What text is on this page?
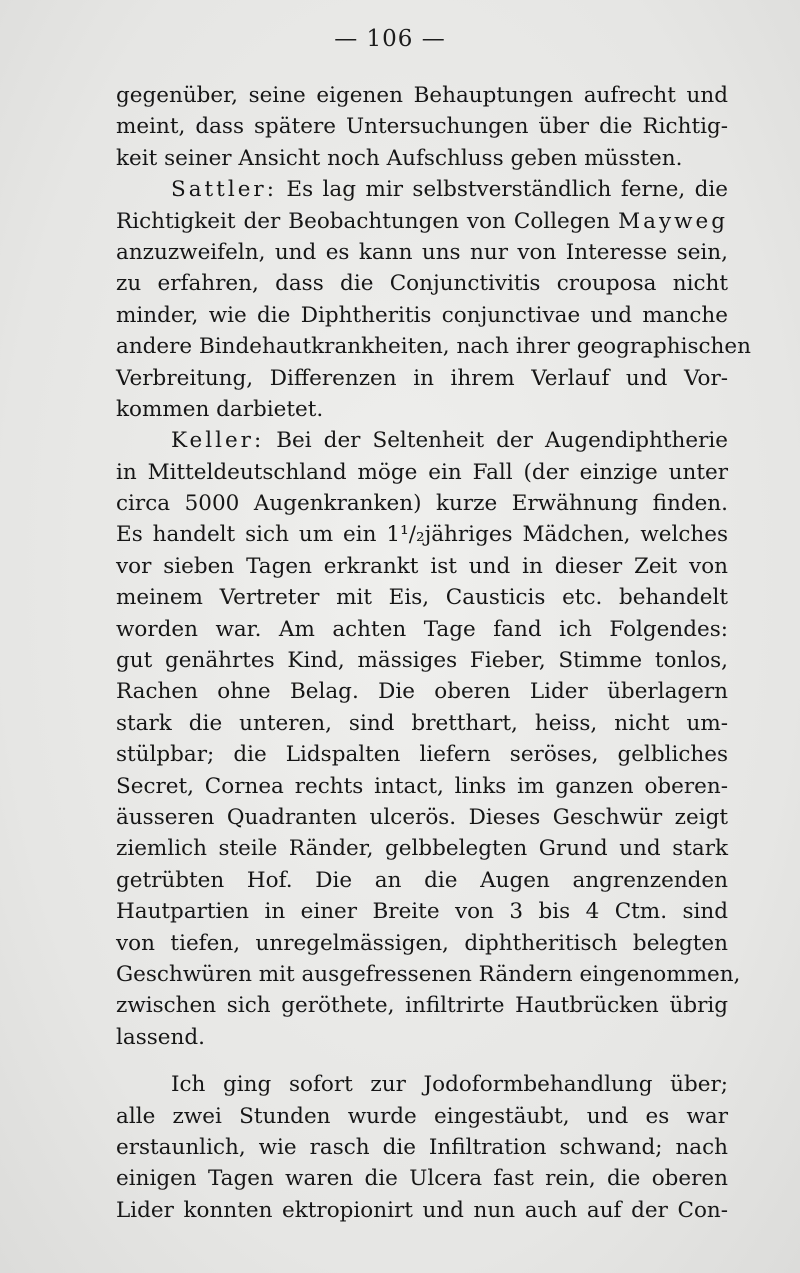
— 106 —
gegenüber, seine eigenen Behauptungen aufrecht und
meint, dass spätere Untersuchungen über die Richtig-
keit seiner Ansicht noch Aufschluss geben müssten.
Sattler: Es lag mir selbstverständlich ferne, die
Richtigkeit der Beobachtungen von Collegen Mayweg
anzuzweifeln, und es kann uns nur von Interesse sein,
zu erfahren, dass die Conjunctivitis crouposa nicht
minder, wie die Diphtheritis conjunctivae und manche
andere Bindehautkrankheiten, nach ihrer geographischen
Verbreitung, Differenzen in ihrem Verlauf und Vor-
kommen darbietet.
Keller: Bei der Seltenheit der Augendiphtherie
in Mitteldeutschland möge ein Fall (der einzige unter
circa 5000 Augenkranken) kurze Erwähnung finden.
Es handelt sich um ein 1¹/₂jähriges Mädchen, welches
vor sieben Tagen erkrankt ist und in dieser Zeit von
meinem Vertreter mit Eis, Causticis etc. behandelt
worden war. Am achten Tage fand ich Folgendes:
gut genährtes Kind, mässiges Fieber, Stimme tonlos,
Rachen ohne Belag. Die oberen Lider überlagern
stark die unteren, sind bretthart, heiss, nicht um-
stülpbar; die Lidspalten liefern seröses, gelbliches
Secret, Cornea rechts intact, links im ganzen oberen-
äusseren Quadranten ulcerös. Dieses Geschwür zeigt
ziemlich steile Ränder, gelbbelegten Grund und stark
getrübten Hof. Die an die Augen angrenzenden
Hautpartien in einer Breite von 3 bis 4 Ctm. sind
von tiefen, unregelmässigen, diphtheritisch belegten
Geschwüren mit ausgefressenen Rändern eingenommen,
zwischen sich geröthete, infiltrirte Hautbrücken übrig
lassend.
Ich ging sofort zur Jodoformbehandlung über;
alle zwei Stunden wurde eingestäubt, und es war
erstaunlich, wie rasch die Infiltration schwand; nach
einigen Tagen waren die Ulcera fast rein, die oberen
Lider konnten ektropionirt und nun auch auf der Con-
